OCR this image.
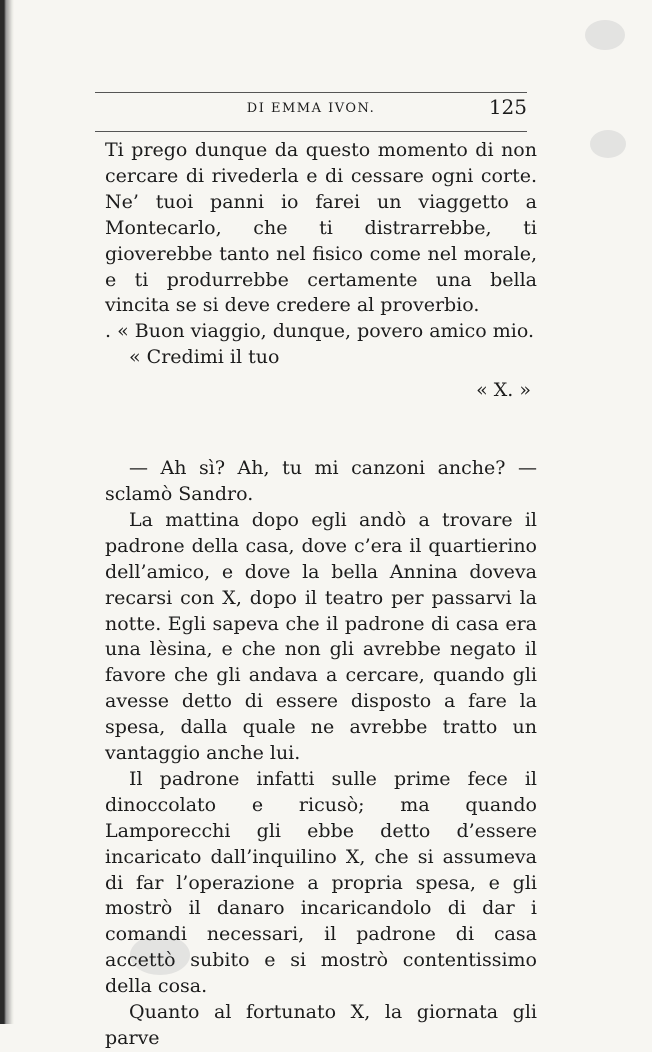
DI EMMA IVON.	125

Ti prego dunque da questo momento di non cercare di rivederla e di cessare ogni corte. Ne’ tuoi panni io farei un viaggetto a Montecarlo, che ti distrarrebbe, ti gioverebbe tanto nel fisico come nel morale, e ti produrrebbe certamente una bella vincita se si deve credere al proverbio.

. « Buon viaggio, dunque, povero amico mio.

« Credimi il tuo

« X. »

— Ah sì? Ah, tu mi canzoni anche? — sclamò Sandro.

La mattina dopo egli andò a trovare il padrone della casa, dove c’era il quartierino dell’amico, e dove la bella Annina doveva recarsi con X, dopo il teatro per passarvi la notte. Egli sapeva che il padrone di casa era una lèsina, e che non gli avrebbe negato il favore che gli andava a cercare, quando gli avesse detto di essere disposto a fare la spesa, dalla quale ne avrebbe tratto un vantaggio anche lui.

Il padrone infatti sulle prime fece il dinoccolato e ricusò; ma quando Lamporecchi gli ebbe detto d’essere incaricato dall’inquilino X, che si assumeva di far l’operazione a propria spesa, e gli mostrò il danaro incaricandolo di dar i comandi necessari, il padrone di casa accettò subito e si mostrò contentissimo della cosa.

Quanto al fortunato X, la giornata gli parve
